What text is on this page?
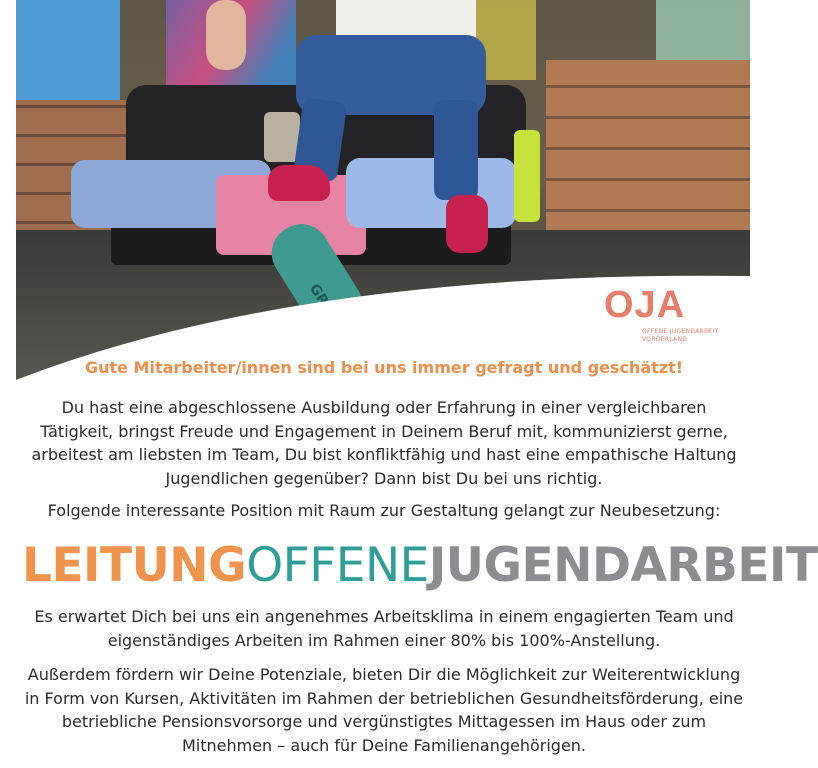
GRE	OJA
OFFENE JUGENDARBEIT
VORDERLAND
Gute Mitarbeiter/innen sind bei uns immer gefragt und geschätzt!

Du hast eine abgeschlossene Ausbildung oder Erfahrung in einer vergleichbaren Tätigkeit, bringst Freude und Engagement in Deinem Beruf mit, kommunizierst gerne, arbeitest am liebsten im Team, Du bist konfliktfähig und hast eine empathische Haltung Jugendlichen gegenüber? Dann bist Du bei uns richtig.

Folgende interessante Position mit Raum zur Gestaltung gelangt zur Neubesetzung:

LEITUNGOFFENEJUGENDARBEIT

Es erwartet Dich bei uns ein angenehmes Arbeitsklima in einem engagierten Team und eigenständiges Arbeiten im Rahmen einer 80% bis 100%-Anstellung.

Außerdem fördern wir Deine Potenziale, bieten Dir die Möglichkeit zur Weiterentwicklung in Form von Kursen, Aktivitäten im Rahmen der betrieblichen Gesundheitsförderung, eine betriebliche Pensionsvorsorge und vergünstigtes Mittagessen im Haus oder zum Mitnehmen – auch für Deine Familienangehörigen.
